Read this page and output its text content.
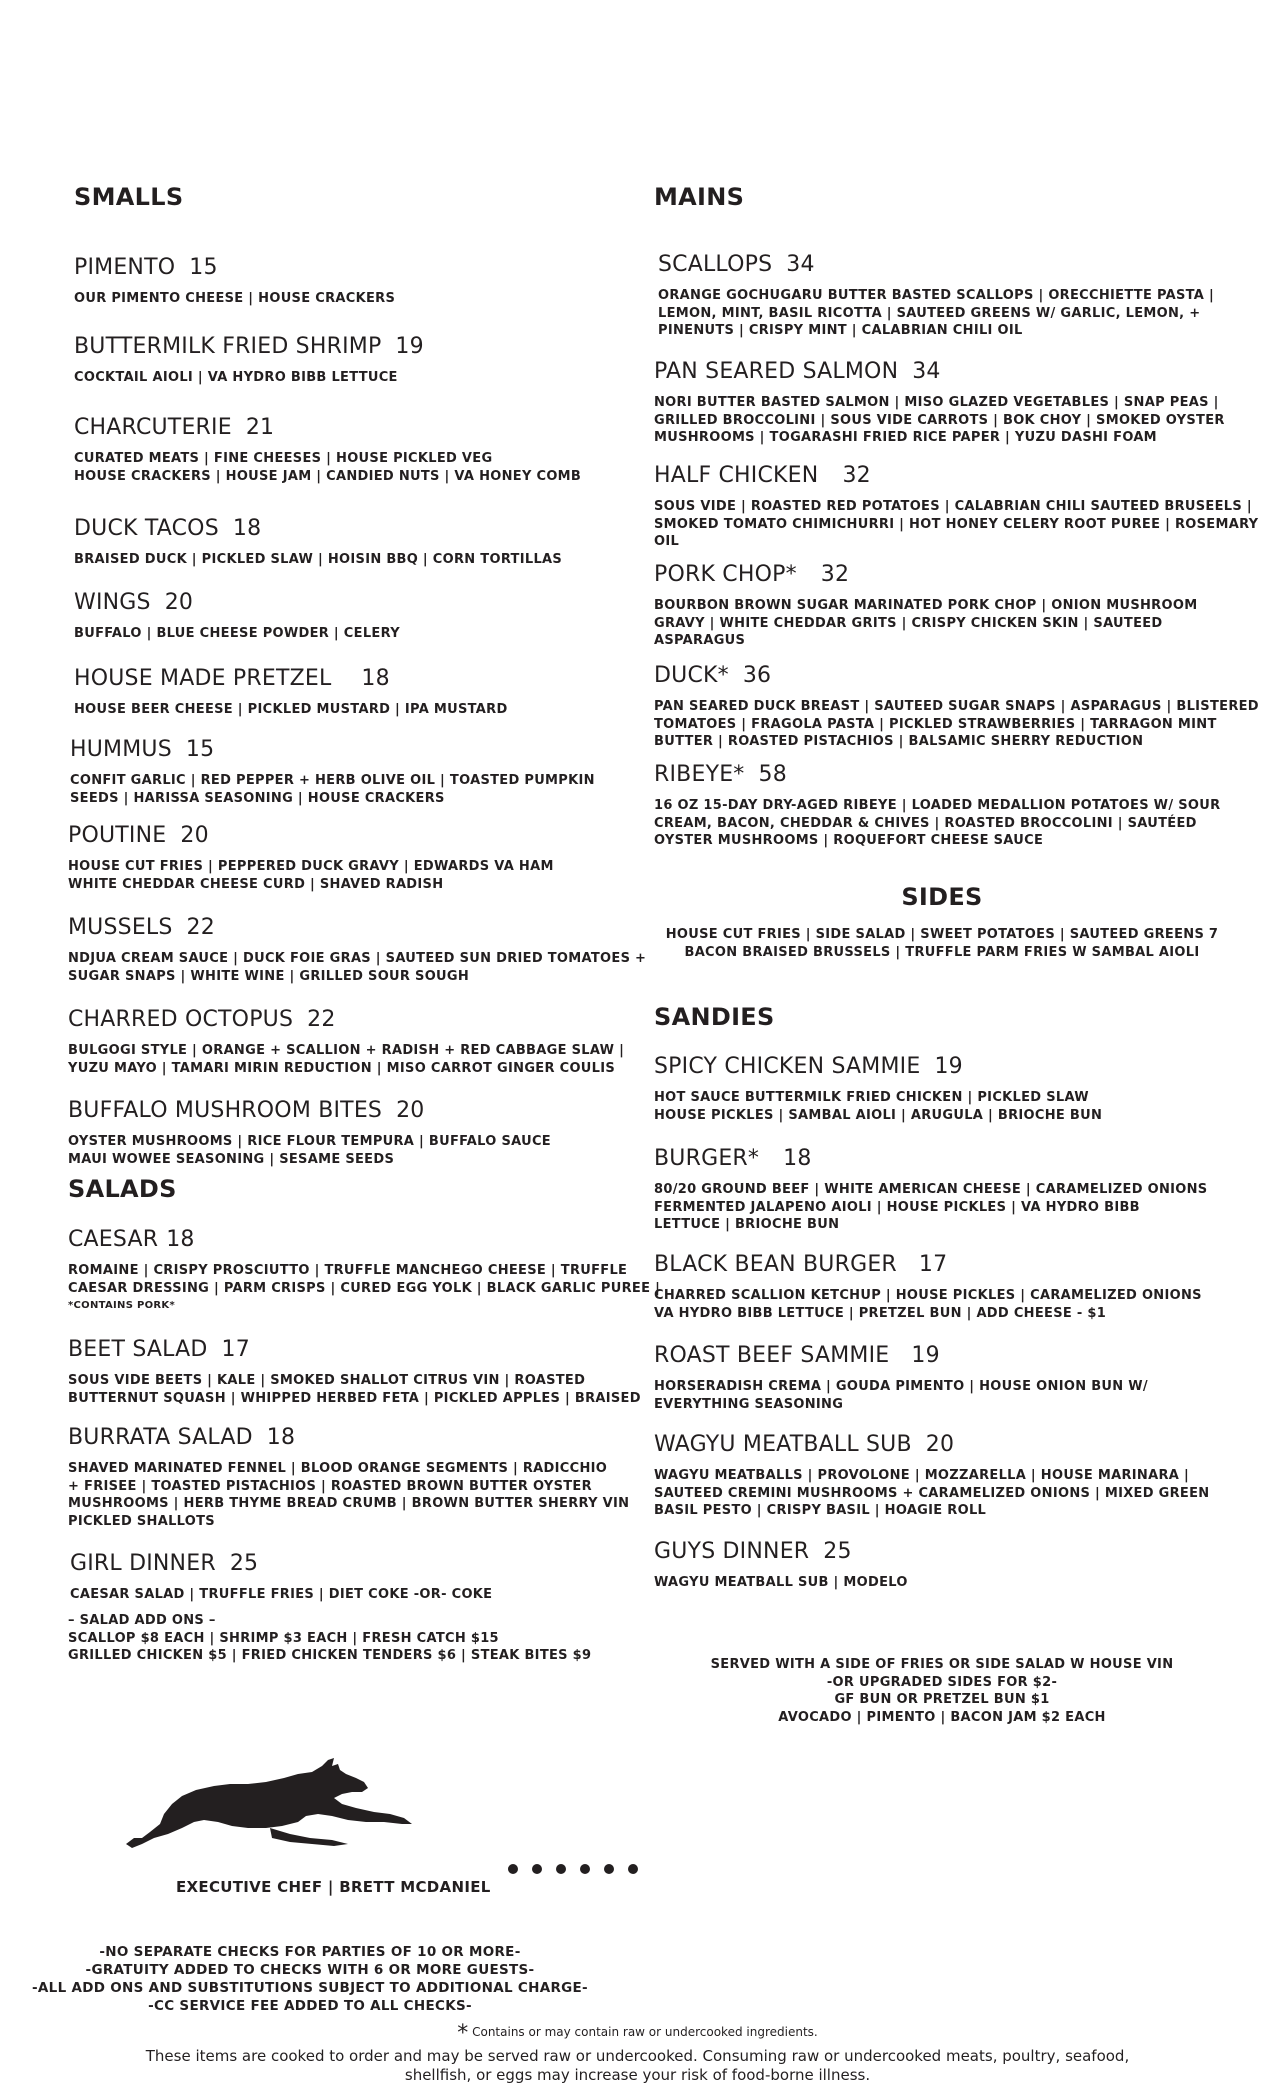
SMALLS
PIMENTO 15
OUR PIMENTO CHEESE | HOUSE CRACKERS
BUTTERMILK FRIED SHRIMP 19
COCKTAIL AIOLI | VA HYDRO BIBB LETTUCE
CHARCUTERIE 21
CURATED MEATS | FINE CHEESES | HOUSE PICKLED VEG
HOUSE CRACKERS | HOUSE JAM | CANDIED NUTS | VA HONEY COMB
DUCK TACOS 18
BRAISED DUCK | PICKLED SLAW | HOISIN BBQ | CORN TORTILLAS
WINGS 20
BUFFALO | BLUE CHEESE POWDER | CELERY
HOUSE MADE PRETZEL 18
HOUSE BEER CHEESE | PICKLED MUSTARD | IPA MUSTARD
HUMMUS 15
CONFIT GARLIC | RED PEPPER + HERB OLIVE OIL | TOASTED PUMPKIN
SEEDS | HARISSA SEASONING | HOUSE CRACKERS
POUTINE 20
HOUSE CUT FRIES | PEPPERED DUCK GRAVY | EDWARDS VA HAM
WHITE CHEDDAR CHEESE CURD | SHAVED RADISH
MUSSELS 22
NDJUA CREAM SAUCE | DUCK FOIE GRAS | SAUTEED SUN DRIED TOMATOES +
SUGAR SNAPS | WHITE WINE | GRILLED SOUR SOUGH
CHARRED OCTOPUS 22
BULGOGI STYLE | ORANGE + SCALLION + RADISH + RED CABBAGE SLAW |
YUZU MAYO | TAMARI MIRIN REDUCTION | MISO CARROT GINGER COULIS
BUFFALO MUSHROOM BITES 20
OYSTER MUSHROOMS | RICE FLOUR TEMPURA | BUFFALO SAUCE
MAUI WOWEE SEASONING | SESAME SEEDS
SALADS
CAESAR 18
ROMAINE | CRISPY PROSCIUTTO | TRUFFLE MANCHEGO CHEESE | TRUFFLE
CAESAR DRESSING | PARM CRISPS | CURED EGG YOLK | BLACK GARLIC PUREE |
*CONTAINS PORK*
BEET SALAD 17
SOUS VIDE BEETS | KALE | SMOKED SHALLOT CITRUS VIN | ROASTED
BUTTERNUT SQUASH | WHIPPED HERBED FETA | PICKLED APPLES | BRAISED
BURRATA SALAD 18
SHAVED MARINATED FENNEL | BLOOD ORANGE SEGMENTS | RADICCHIO
+ FRISEE | TOASTED PISTACHIOS | ROASTED BROWN BUTTER OYSTER
MUSHROOMS | HERB THYME BREAD CRUMB | BROWN BUTTER SHERRY VIN
PICKLED SHALLOTS
GIRL DINNER 25
CAESAR SALAD | TRUFFLE FRIES | DIET COKE -OR- COKE
– SALAD ADD ONS –
SCALLOP $8 EACH | SHRIMP $3 EACH | FRESH CATCH $15
GRILLED CHICKEN $5 | FRIED CHICKEN TENDERS $6 | STEAK BITES $9
MAINS
SCALLOPS 34
ORANGE GOCHUGARU BUTTER BASTED SCALLOPS | ORECCHIETTE PASTA |
LEMON, MINT, BASIL RICOTTA | SAUTEED GREENS W/ GARLIC, LEMON, +
PINENUTS | CRISPY MINT | CALABRIAN CHILI OIL
PAN SEARED SALMON 34
NORI BUTTER BASTED SALMON | MISO GLAZED VEGETABLES | SNAP PEAS |
GRILLED BROCCOLINI | SOUS VIDE CARROTS | BOK CHOY | SMOKED OYSTER
MUSHROOMS | TOGARASHI FRIED RICE PAPER | YUZU DASHI FOAM
HALF CHICKEN 32
SOUS VIDE | ROASTED RED POTATOES | CALABRIAN CHILI SAUTEED BRUSEELS |
SMOKED TOMATO CHIMICHURRI | HOT HONEY CELERY ROOT PUREE | ROSEMARY
OIL
PORK CHOP* 32
BOURBON BROWN SUGAR MARINATED PORK CHOP | ONION MUSHROOM
GRAVY | WHITE CHEDDAR GRITS | CRISPY CHICKEN SKIN | SAUTEED
ASPARAGUS
DUCK* 36
PAN SEARED DUCK BREAST | SAUTEED SUGAR SNAPS | ASPARAGUS | BLISTERED
TOMATOES | FRAGOLA PASTA | PICKLED STRAWBERRIES | TARRAGON MINT
BUTTER | ROASTED PISTACHIOS | BALSAMIC SHERRY REDUCTION
RIBEYE* 58
16 OZ 15-DAY DRY-AGED RIBEYE | LOADED MEDALLION POTATOES W/ SOUR
CREAM, BACON, CHEDDAR & CHIVES | ROASTED BROCCOLINI | SAUTÉED
OYSTER MUSHROOMS | ROQUEFORT CHEESE SAUCE
SIDES
HOUSE CUT FRIES | SIDE SALAD | SWEET POTATOES | SAUTEED GREENS 7
BACON BRAISED BRUSSELS | TRUFFLE PARM FRIES W SAMBAL AIOLI
SANDIES
SPICY CHICKEN SAMMIE 19
HOT SAUCE BUTTERMILK FRIED CHICKEN | PICKLED SLAW
HOUSE PICKLES | SAMBAL AIOLI | ARUGULA | BRIOCHE BUN
BURGER* 18
80/20 GROUND BEEF | WHITE AMERICAN CHEESE | CARAMELIZED ONIONS
FERMENTED JALAPENO AIOLI | HOUSE PICKLES | VA HYDRO BIBB
LETTUCE | BRIOCHE BUN
BLACK BEAN BURGER 17
CHARRED SCALLION KETCHUP | HOUSE PICKLES | CARAMELIZED ONIONS
VA HYDRO BIBB LETTUCE | PRETZEL BUN | ADD CHEESE - $1
ROAST BEEF SAMMIE 19
HORSERADISH CREMA | GOUDA PIMENTO | HOUSE ONION BUN W/
EVERYTHING SEASONING
WAGYU MEATBALL SUB 20
WAGYU MEATBALLS | PROVOLONE | MOZZARELLA | HOUSE MARINARA |
SAUTEED CREMINI MUSHROOMS + CARAMELIZED ONIONS | MIXED GREEN
BASIL PESTO | CRISPY BASIL | HOAGIE ROLL
GUYS DINNER 25
WAGYU MEATBALL SUB | MODELO
SERVED WITH A SIDE OF FRIES OR SIDE SALAD W HOUSE VIN
-OR UPGRADED SIDES FOR $2-
GF BUN OR PRETZEL BUN $1
AVOCADO | PIMENTO | BACON JAM $2 EACH
EXECUTIVE CHEF | BRETT MCDANIEL
-NO SEPARATE CHECKS FOR PARTIES OF 10 OR MORE-
-GRATUITY ADDED TO CHECKS WITH 6 OR MORE GUESTS-
-ALL ADD ONS AND SUBSTITUTIONS SUBJECT TO ADDITIONAL CHARGE-
-CC SERVICE FEE ADDED TO ALL CHECKS-
* Contains or may contain raw or undercooked ingredients.
These items are cooked to order and may be served raw or undercooked. Consuming raw or undercooked meats, poultry, seafood,
shellfish, or eggs may increase your risk of food-borne illness.
